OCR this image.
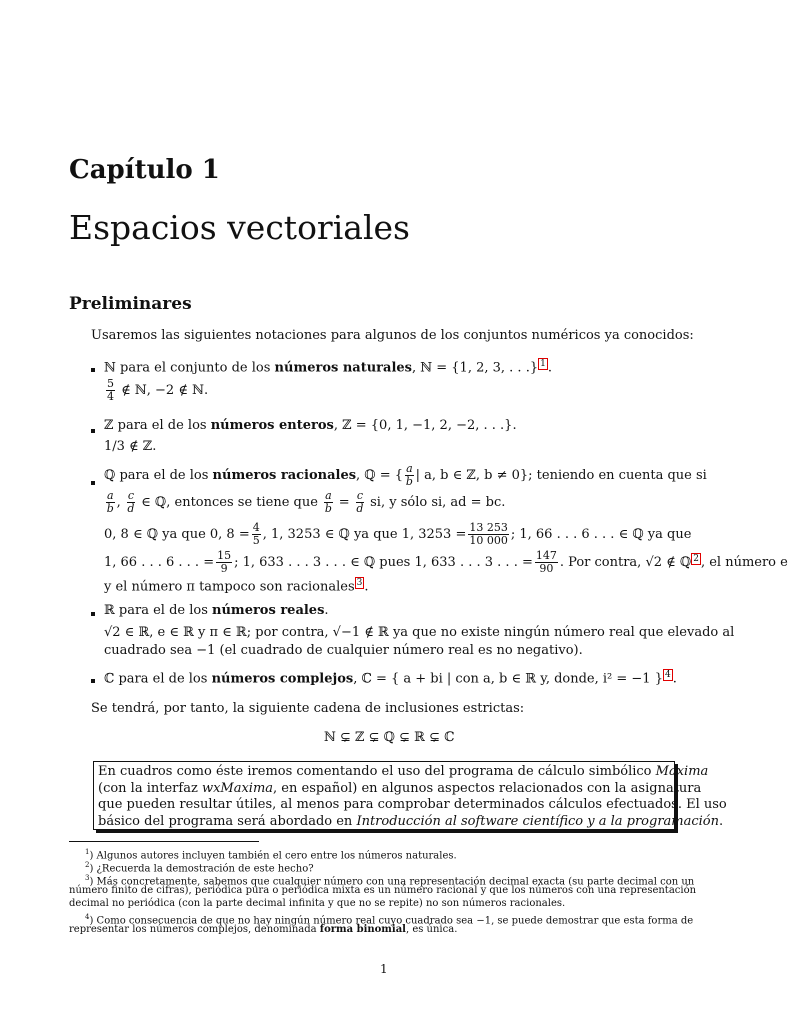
Capítulo 1
Espacios vectoriales
Preliminares
Usaremos las siguientes notaciones para algunos de los conjuntos numéricos ya conocidos:
ℕ para el conjunto de los números naturales, ℕ = {1, 2, 3, . . .} 1 .
$\frac{5}{4}$ ∉ ℕ, −2 ∉ ℕ.
ℤ para el de los números enteros, ℤ = {0, 1, −1, 2, −2, . . .}.
1/3 ∉ ℤ.
ℚ para el de los números racionales, ℚ = { $\frac{a}{b}$ | a, b ∈ ℤ, b ≠ 0}; teniendo en cuenta que si
$\frac{a}{b}$ , $\frac{c}{d}$ ∈ ℚ, entonces se tiene que $\frac{a}{b} = \frac{c}{d}$ si, y sólo si, ad = bc.
0, 8 ∈ ℚ ya que 0, $8 = \frac{4}{5}$ , 1, 3253 ∈ ℚ ya que 1, $3253 = \frac{13 253}{10 000}$ ; 1, 66 . . . 6 . . . ∈ ℚ ya que
1, 66 . . . 6 . . . = $\frac{15}{9}$ ; 1, 633 . . . 3 . . . ∈ ℚ pues 1, 633 . . . 3 . . . = $\frac{147}{90}$ . Por contra, √2 ∉ ℚ 2 , el número e
y el número π tampoco son racionales 3 .
ℝ para el de los números reales.
√2 ∈ ℝ, e ∈ ℝ y π ∈ ℝ; por contra, √−1 ∉ ℝ ya que no existe ningún número real que elevado al
cuadrado sea −1 (el cuadrado de cualquier número real es no negativo).
ℂ para el de los números complejos, ℂ = { a + bi | con a, b ∈ ℝ y, donde, i² = −1 } 4 .
Se tendrá, por tanto, la siguiente cadena de inclusiones estrictas:
ℕ ⊊ ℤ ⊊ ℚ ⊊ ℝ ⊊ ℂ
En cuadros como éste iremos comentando el uso del programa de cálculo simbólico Maxima
(con la interfaz wxMaxima, en español) en algunos aspectos relacionados con la asignatura
que pueden resultar útiles, al menos para comprobar determinados cálculos efectuados. El uso
básico del programa será abordado en Introducción al software científico y a la programación.
$^1$) Algunos autores incluyen también el cero entre los números naturales.
$^2$) ¿Recuerda la demostración de este hecho?
$^3$) Más concretamente, sabemos que cualquier número con una representación decimal exacta (su parte decimal con un
número finito de cifras), periódica pura o periódica mixta es un número racional y que los números con una representación
decimal no periódica (con la parte decimal infinita y que no se repite) no son números racionales.
$^4$) Como consecuencia de que no hay ningún número real cuyo cuadrado sea −1, se puede demostrar que esta forma de
representar los números complejos, denominada forma binomial, es única.
1
